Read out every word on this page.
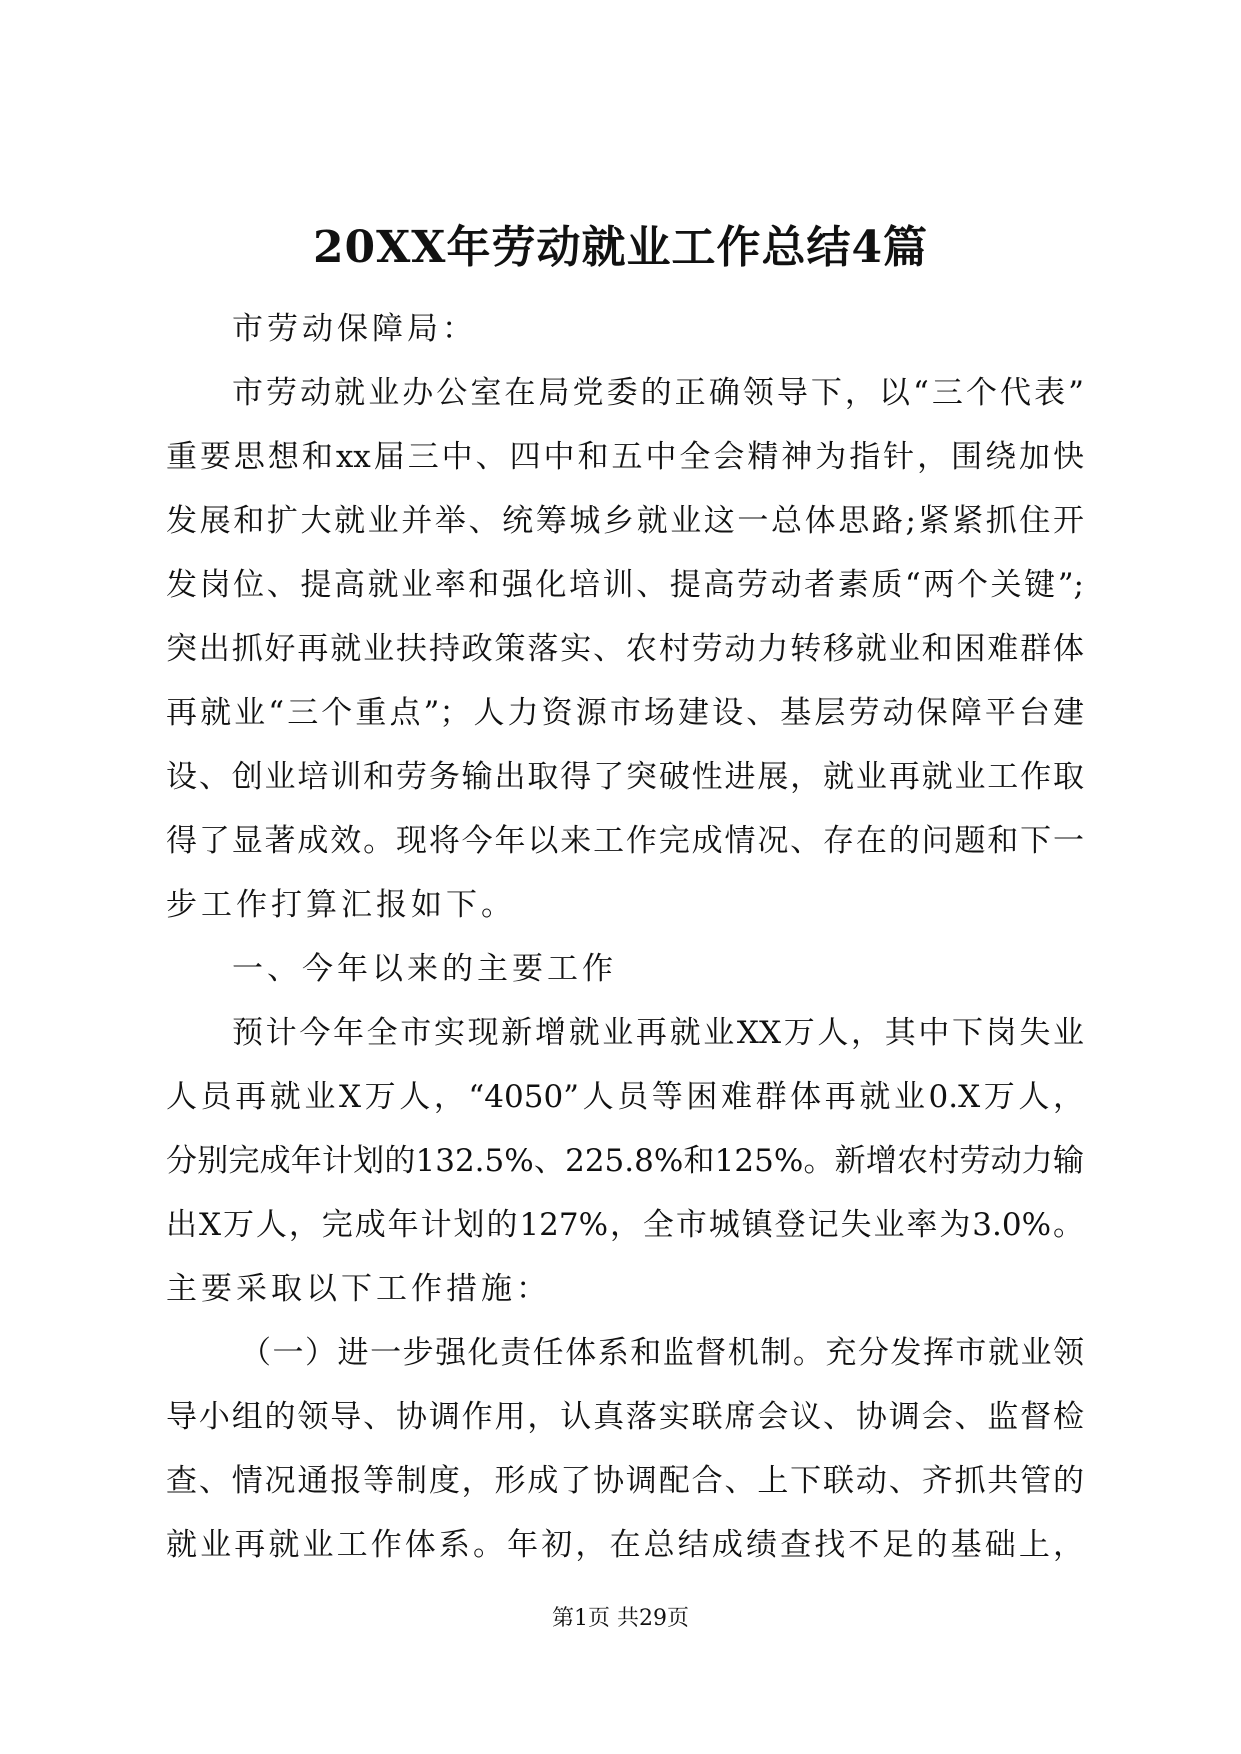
20XX年劳动就业工作总结4篇
市劳动保障局：
市劳动就业办公室在局党委的正确领导下，以“三个代表”
重要思想和xx届三中、四中和五中全会精神为指针，围绕加快
发展和扩大就业并举、统筹城乡就业这一总体思路;紧紧抓住开
发岗位、提高就业率和强化培训、提高劳动者素质“两个关键”;
突出抓好再就业扶持政策落实、农村劳动力转移就业和困难群体
再就业“三个重点”；人力资源市场建设、基层劳动保障平台建
设、创业培训和劳务输出取得了突破性进展，就业再就业工作取
得了显著成效。现将今年以来工作完成情况、存在的问题和下一
步工作打算汇报如下。
一、今年以来的主要工作
预计今年全市实现新增就业再就业XX万人，其中下岗失业
人员再就业X万人，“4050”人员等困难群体再就业0.X万人，
分别完成年计划的132.5%、225.8%和125%。新增农村劳动力输
出X万人，完成年计划的127%，全市城镇登记失业率为3.0%。
主要采取以下工作措施：
（一）进一步强化责任体系和监督机制。充分发挥市就业领
导小组的领导、协调作用，认真落实联席会议、协调会、监督检
查、情况通报等制度，形成了协调配合、上下联动、齐抓共管的
就业再就业工作体系。年初，在总结成绩查找不足的基础上，
第1页 共29页
